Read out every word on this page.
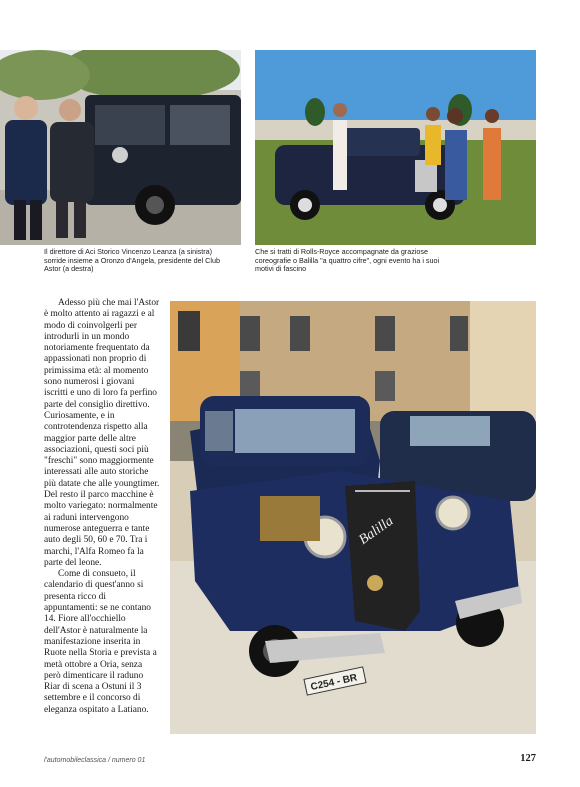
Il direttore di Aci Storico Vincenzo Leanza (a sinistra) sorride insieme a Oronzo d'Angela, presidente del Club Astor (a destra)
Che si tratti di Rolls-Royce accompagnate da graziose coreografie o Balilla "a quattro cifre", ogni evento ha i suoi motivi di fascino

Adesso più che mai l'Astor è molto attento ai ragazzi e al modo di coinvolgerli per introdurli in un mondo notoriamente frequentato da appassionati non proprio di primissima età: al momento sono numerosi i giovani iscritti e uno di loro fa perfino parte del consiglio direttivo. Curiosamente, e in controtendenza rispetto alla maggior parte delle altre associazioni, questi soci più "freschi" sono maggiormente interessati alle auto storiche più datate che alle youngtimer. Del resto il parco macchine è molto variegato: normalmente ai raduni intervengono numerose anteguerra e tante auto degli 50, 60 e 70. Tra i marchi, l'Alfa Romeo fa la parte del leone.

Come di consueto, il calendario di quest'anno si presenta ricco di appuntamenti: se ne contano 14. Fiore all'occhiello dell'Astor è naturalmente la manifestazione inserita in Ruote nella Storia e prevista a metà ottobre a Oria, senza però dimenticare il raduno Riar di scena a Ostuni il 3 settembre e il concorso di eleganza ospitato a Latiano.

Balilla
C254 - BR
l'automobileclassica / numero 01	127
